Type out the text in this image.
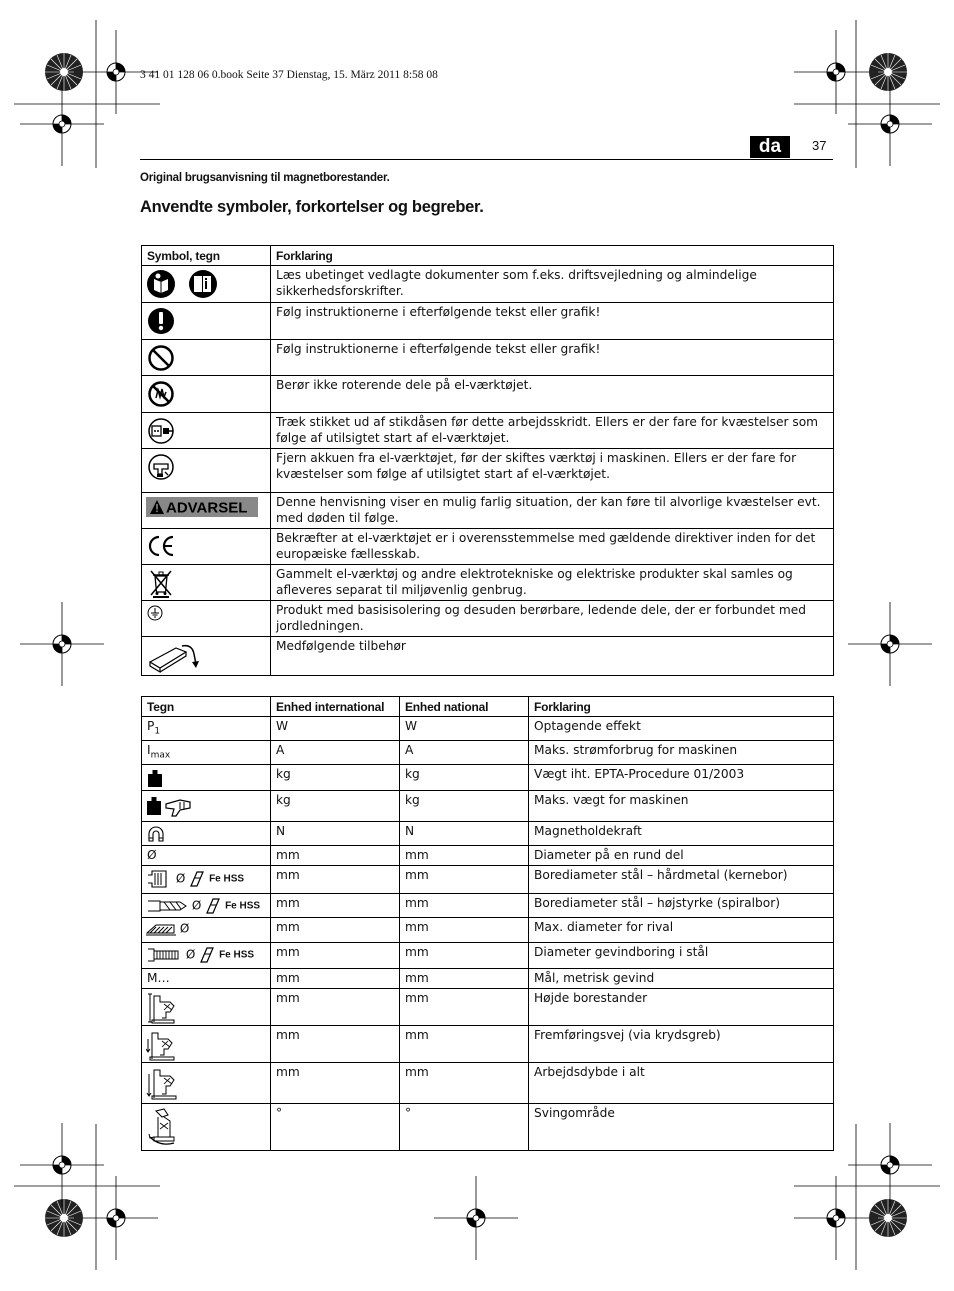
3 41 01 128 06 0.book Seite 37 Dienstag, 15. März 2011 8:58 08
da	37
Original brugsanvisning til magnetborestander.
Anvendte symboler, forkortelser og begreber.
Symbol, tegn	Forklaring

	Læs ubetinget vedlagte dokumenter som f.eks. driftsvejledning og almindelige sikkerhedsforskrifter.

	Følg instruktionerne i efterfølgende tekst eller grafik!

	Følg instruktionerne i efterfølgende tekst eller grafik!

	Berør ikke roterende dele på el-værktøjet.

	Træk stikket ud af stikdåsen før dette arbejdsskridt. Ellers er der fare for kvæstelser som følge af utilsigtet start af el-værktøjet.

	Fjern akkuen fra el-værktøjet, før der skiftes værktøj i maskinen. Ellers er der fare for kvæstelser som følge af utilsigtet start af el-værktøjet.

ADVARSEL	Denne henvisning viser en mulig farlig situation, der kan føre til alvorlige kvæstelser evt. med døden til følge.

	Bekræfter at el-værktøjet er i overensstemmelse med gældende direktiver inden for det europæiske fællesskab.

	Gammelt el-værktøj og andre elektrotekniske og elektriske produkter skal samles og afleveres separat til miljøvenlig genbrug.

	Produkt med basisisolering og desuden berørbare, ledende dele, der er forbundet med jordledningen.

	Medfølgende tilbehør
Tegn	Enhed international	Enhed national	Forklaring
$P_1$	W	W	Optagende effekt
$I_{max}$	A	A	Maks. strømforbrug for maskinen

	kg	kg	Vægt iht. EPTA-Procedure 01/2003

	kg	kg	Maks. vægt for maskinen

	N	N	Magnetholdekraft
Ø	mm	mm	Diameter på en rund del

Ø Fe HSS	mm	mm	Borediameter stål – hårdmetal (kernebor)

Ø Fe HSS	mm	mm	Borediameter stål – højstyrke (spiralbor)

Ø	mm	mm	Max. diameter for rival

Ø Fe HSS	mm	mm	Diameter gevindboring i stål
M…	mm	mm	Mål, metrisk gevind

	mm	mm	Højde borestander

	mm	mm	Fremføringsvej (via krydsgreb)

	mm	mm	Arbejdsdybde i alt

	°	°	Svingområde
